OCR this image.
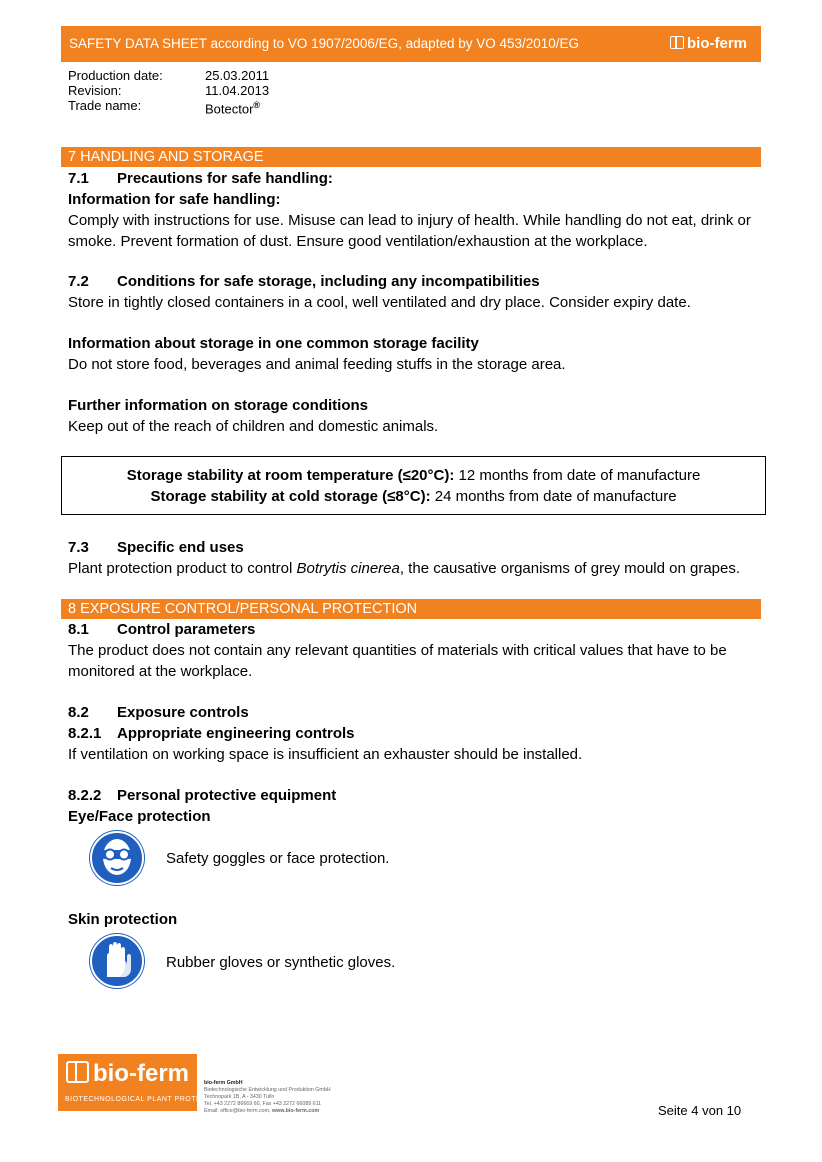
SAFETY DATA SHEET according to VO 1907/2006/EG, adapted by VO 453/2010/EG	bio-ferm
Production date:	25.03.2011
Revision:	11.04.2013
Trade name:	Botector®
7 HANDLING AND STORAGE
7.1 Precautions for safe handling:
Information for safe handling:
Comply with instructions for use. Misuse can lead to injury of health. While handling do not eat, drink or smoke. Prevent formation of dust. Ensure good ventilation/exhaustion at the workplace.
7.2 Conditions for safe storage, including any incompatibilities
Store in tightly closed containers in a cool, well ventilated and dry place. Consider expiry date.
Information about storage in one common storage facility
Do not store food, beverages and animal feeding stuffs in the storage area.
Further information on storage conditions
Keep out of the reach of children and domestic animals.
Storage stability at room temperature (≤20°C): 12 months from date of manufacture
Storage stability at cold storage (≤8°C): 24 months from date of manufacture
7.3 Specific end uses
Plant protection product to control Botrytis cinerea, the causative organisms of grey mould on grapes.
8 EXPOSURE CONTROL/PERSONAL PROTECTION
8.1 Control parameters
The product does not contain any relevant quantities of materials with critical values that have to be monitored at the workplace.
8.2 Exposure controls
8.2.1 Appropriate engineering controls
If ventilation on working space is insufficient an exhauster should be installed.
8.2.2 Personal protective equipment
Eye/Face protection
Safety goggles or face protection.
Skin protection
Rubber gloves or synthetic gloves.
bio-ferm
BIOTECHNOLOGICAL PLANT PROTECTION
bio-ferm GmbH
Biotechnologische Entwicklung und Produktion GmbH
Technopark 1B, A - 3430 Tulln
Tel. +43 2272 86669 60, Fax +43 2272 66089 611
Email: office@bio-ferm.com, www.bio-ferm.com	Seite 4 von 10
